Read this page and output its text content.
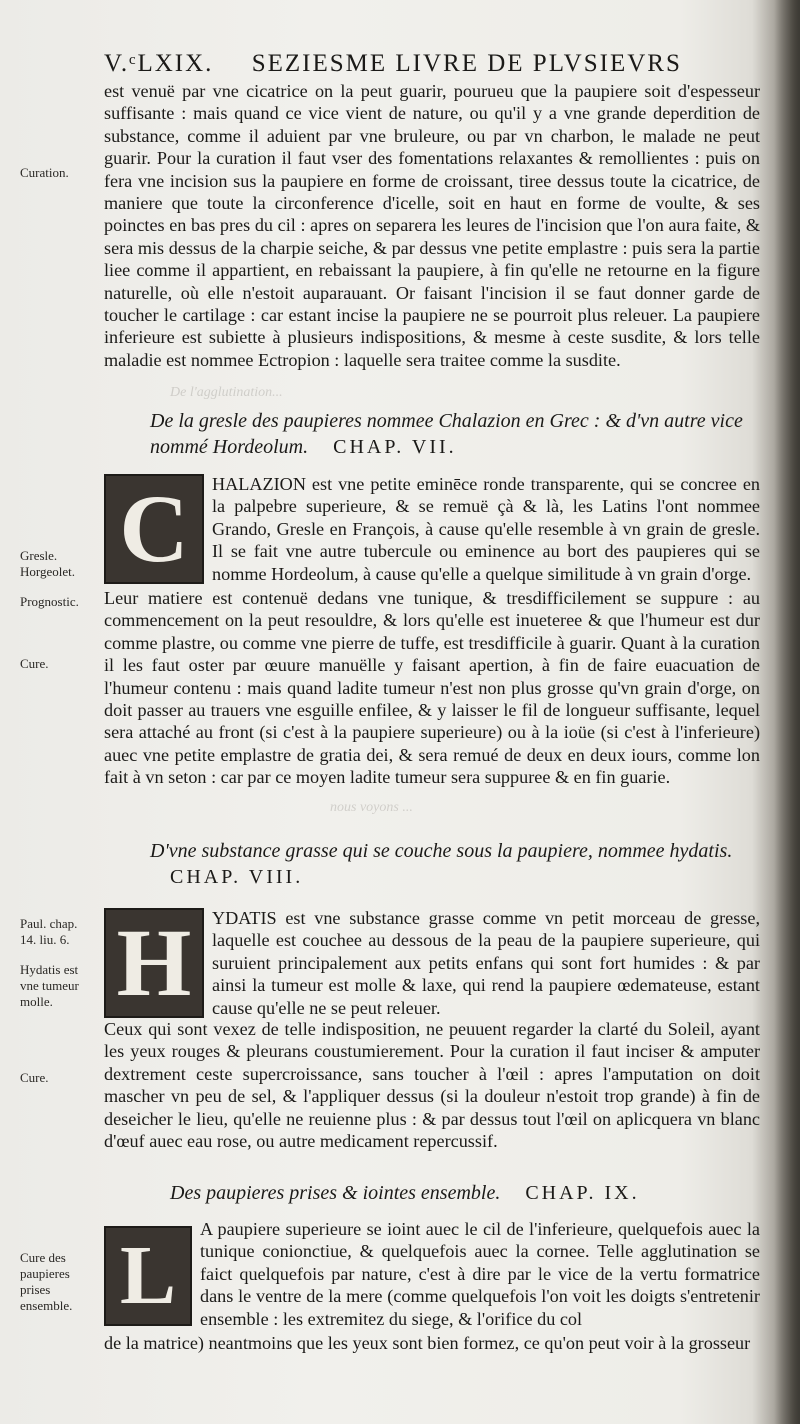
De l'agglutination...
nous voyons ...
V.ᶜLXIX. SEZIESME LIVRE DE PLVSIEVRS
est venuë par vne cicatrice on la peut guarir, pourueu que la paupiere soit d'espesseur suffisante : mais quand ce vice vient de nature, ou qu'il y a vne grande deperdition de substance, comme il aduient par vne bruleure, ou par vn charbon, le malade ne peut guarir. Pour la curation il faut vser des fomentations relaxantes & remollientes : puis on fera vne incision sus la paupiere en forme de croissant, tiree dessus toute la cicatrice, de maniere que toute la circonference d'icelle, soit en haut en forme de voulte, & ses poinctes en bas pres du cil : apres on separera les leures de l'incision que l'on aura faite, & sera mis dessus de la charpie seiche, & par dessus vne petite emplastre : puis sera la partie liee comme il appartient, en rebaissant la paupiere, à fin qu'elle ne retourne en la figure naturelle, où elle n'estoit auparauant. Or faisant l'incision il se faut donner garde de toucher le cartilage : car estant incise la paupiere ne se pourroit plus releuer. La paupiere inferieure est subiette à plusieurs indispositions, & mesme à ceste susdite, & lors telle maladie est nommee Ectropion : laquelle sera traitee comme la susdite.
Curation.
De la gresle des paupieres nommee Chalazion en Grec : & d'vn autre vice nommé Hordeolum. CHAP. VII.
C HALAZION est vne petite eminēce ronde transparente, qui se concree en la palpebre superieure, & se remuë çà & là, les Latins l'ont nommee Grando, Gresle en François, à cause qu'elle resemble à vn grain de gresle. Il se fait vne autre tubercule ou eminence au bort des paupieres qui se nomme Hordeolum, à cause qu'elle a quelque similitude à vn grain d'orge.
Leur matiere est contenuë dedans vne tunique, & tresdifficilement se suppure : au commencement on la peut resouldre, & lors qu'elle est inueteree & que l'humeur est dur comme plastre, ou comme vne pierre de tuffe, est tresdifficile à guarir. Quant à la curation il les faut oster par œuure manuëlle y faisant apertion, à fin de faire euacuation de l'humeur contenu : mais quand ladite tumeur n'est non plus grosse qu'vn grain d'orge, on doit passer au trauers vne esguille enfilee, & y laisser le fil de longueur suffisante, lequel sera attaché au front (si c'est à la paupiere superieure) ou à la ioüe (si c'est à l'inferieure) auec vne petite emplastre de gratia dei, & sera remué de deux en deux iours, comme lon fait à vn seton : car par ce moyen ladite tumeur sera suppuree & en fin guarie.
Gresle. Horgeolet.
Prognostic.
Cure.
D'vne substance grasse qui se couche sous la paupiere, nommee hydatis. CHAP. VIII.
H YDATIS est vne substance grasse comme vn petit morceau de gresse, laquelle est couchee au dessous de la peau de la paupiere superieure, qui suruient principalement aux petits enfans qui sont fort humides : & par ainsi la tumeur est molle & laxe, qui rend la paupiere œdemateuse, estant cause qu'elle ne se peut releuer.
Ceux qui sont vexez de telle indisposition, ne peuuent regarder la clarté du Soleil, ayant les yeux rouges & pleurans coustumierement. Pour la curation il faut inciser & amputer dextrement ceste supercroissance, sans toucher à l'œil : apres l'amputation on doit mascher vn peu de sel, & l'appliquer dessus (si la douleur n'estoit trop grande) à fin de deseicher le lieu, qu'elle ne reuienne plus : & par dessus tout l'œil on aplicquera vn blanc d'œuf auec eau rose, ou autre medicament repercussif.
Paul. chap. 14. liu. 6.
Hydatis est vne tumeur molle.
Cure.
Des paupieres prises & iointes ensemble. CHAP. IX.
L A paupiere superieure se ioint auec le cil de l'inferieure, quelquefois auec la tunique conionctiue, & quelquefois auec la cornee. Telle agglutination se faict quelquefois par nature, c'est à dire par le vice de la vertu formatrice dans le ventre de la mere (comme quelquefois l'on voit les doigts s'entretenir ensemble : les extremitez du siege, & l'orifice du col
de la matrice) neantmoins que les yeux sont bien formez, ce qu'on peut voir à la grosseur
Cure des paupieres prises ensemble.
